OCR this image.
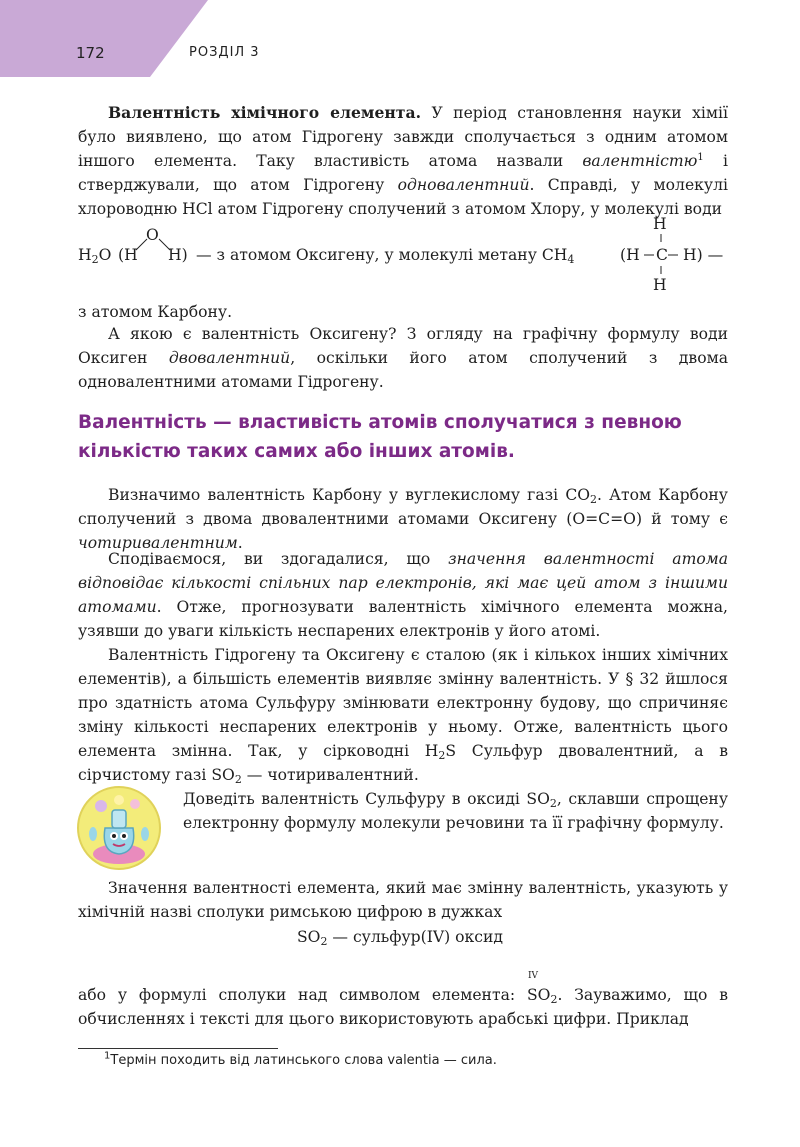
172	РОЗДІЛ 3

Валентність хімічного елемента. У період становлення науки хімії було виявлено, що атом Гідрогену завжди сполучається з одним атомом іншого елемента. Таку властивість атома назвали валентністю$^1$ і стверджували, що атом Гідрогену одновалентний. Справді, у молекулі хлороводню HCl атом Гідрогену сполучений з атомом Хлору, у молекулі води

$H_2O$ (H
O
H) — з атомом Оксигену, у молекулі метану $CH_4$	(H
H
C
H
H) —

з атомом Карбону.

А якою є валентність Оксигену? З огляду на графічну формулу води Оксиген двовалентний, оскільки його атом сполучений з двома одновалентними атомами Гідрогену.

Валентність — властивість атомів сполучатися з певною кількістю таких самих або інших атомів.

Визначимо валентність Карбону у вуглекислому газі $CO_2$. Атом Карбону сполучений з двома двовалентними атомами Оксигену (O=C=O) й тому є чотиривалентним.

Сподіваємося, ви здогадалися, що значення валентності атома відповідає кількості спільних пар електронів, які має цей атом з іншими атомами. Отже, прогнозувати валентність хімічного елемента можна, узявши до уваги кількість неспарених електронів у його атомі.

Валентність Гідрогену та Оксигену є сталою (як і кількох інших хімічних елементів), а більшість елементів виявляє змінну валентність. У § 32 йшлося про здатність атома Сульфуру змінювати електронну будову, що спричиняє зміну кількості неспарених електронів у ньому. Отже, валентність цього елемента змінна. Так, у сірководні $H_2S$ Сульфур двовалентний, а в сірчистому газі $SO_2$ — чотиривалентний.

Доведіть валентність Сульфуру в оксиді $SO_2$, склавши спрощену електронну формулу молекули речовини та її графічну формулу.

Значення валентності елемента, який має змінну валентність, указують у хімічній назві сполуки римською цифрою в дужках

$SO_2$ — сульфур(IV) оксид

або у формулі сполуки над символом елемента:
IV
$SO_2$. Зауважимо, що в обчисленнях і тексті для цього використовують арабські цифри. Приклад

$^1$Термін походить від латинського слова valentia — сила.
